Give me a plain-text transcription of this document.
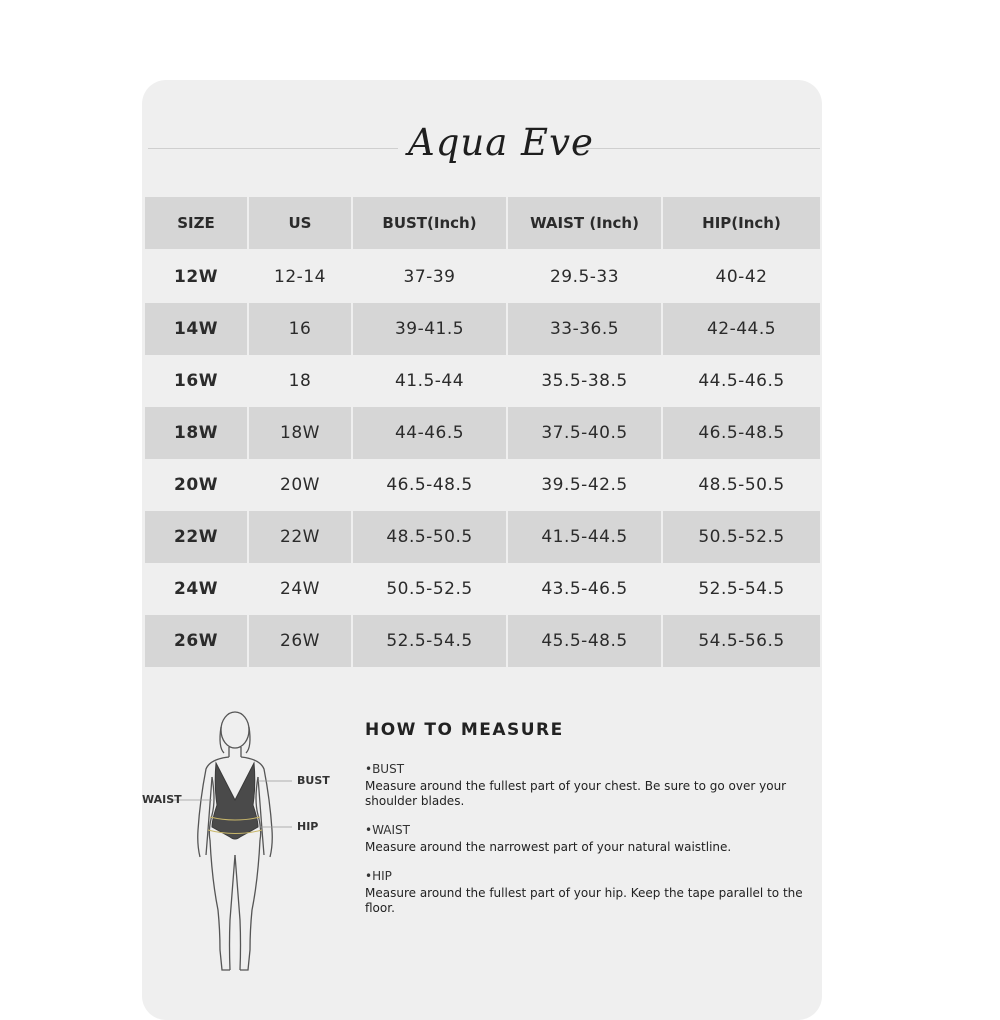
Aqua Eve
SIZE	US	BUST(Inch)	WAIST (Inch)	HIP(Inch)
12W	12-14	37-39	29.5-33	40-42
14W	16	39-41.5	33-36.5	42-44.5
16W	18	41.5-44	35.5-38.5	44.5-46.5
18W	18W	44-46.5	37.5-40.5	46.5-48.5
20W	20W	46.5-48.5	39.5-42.5	48.5-50.5
22W	22W	48.5-50.5	41.5-44.5	50.5-52.5
24W	24W	50.5-52.5	43.5-46.5	52.5-54.5
26W	26W	52.5-54.5	45.5-48.5	54.5-56.5
WAIST
BUST
HIP
HOW TO MEASURE
•BUST
Measure around the fullest part of your chest. Be sure to go over your shoulder blades.
•WAIST
Measure around the narrowest part of your natural waistline.
•HIP
Measure around the fullest part of your hip. Keep the tape parallel to the floor.
